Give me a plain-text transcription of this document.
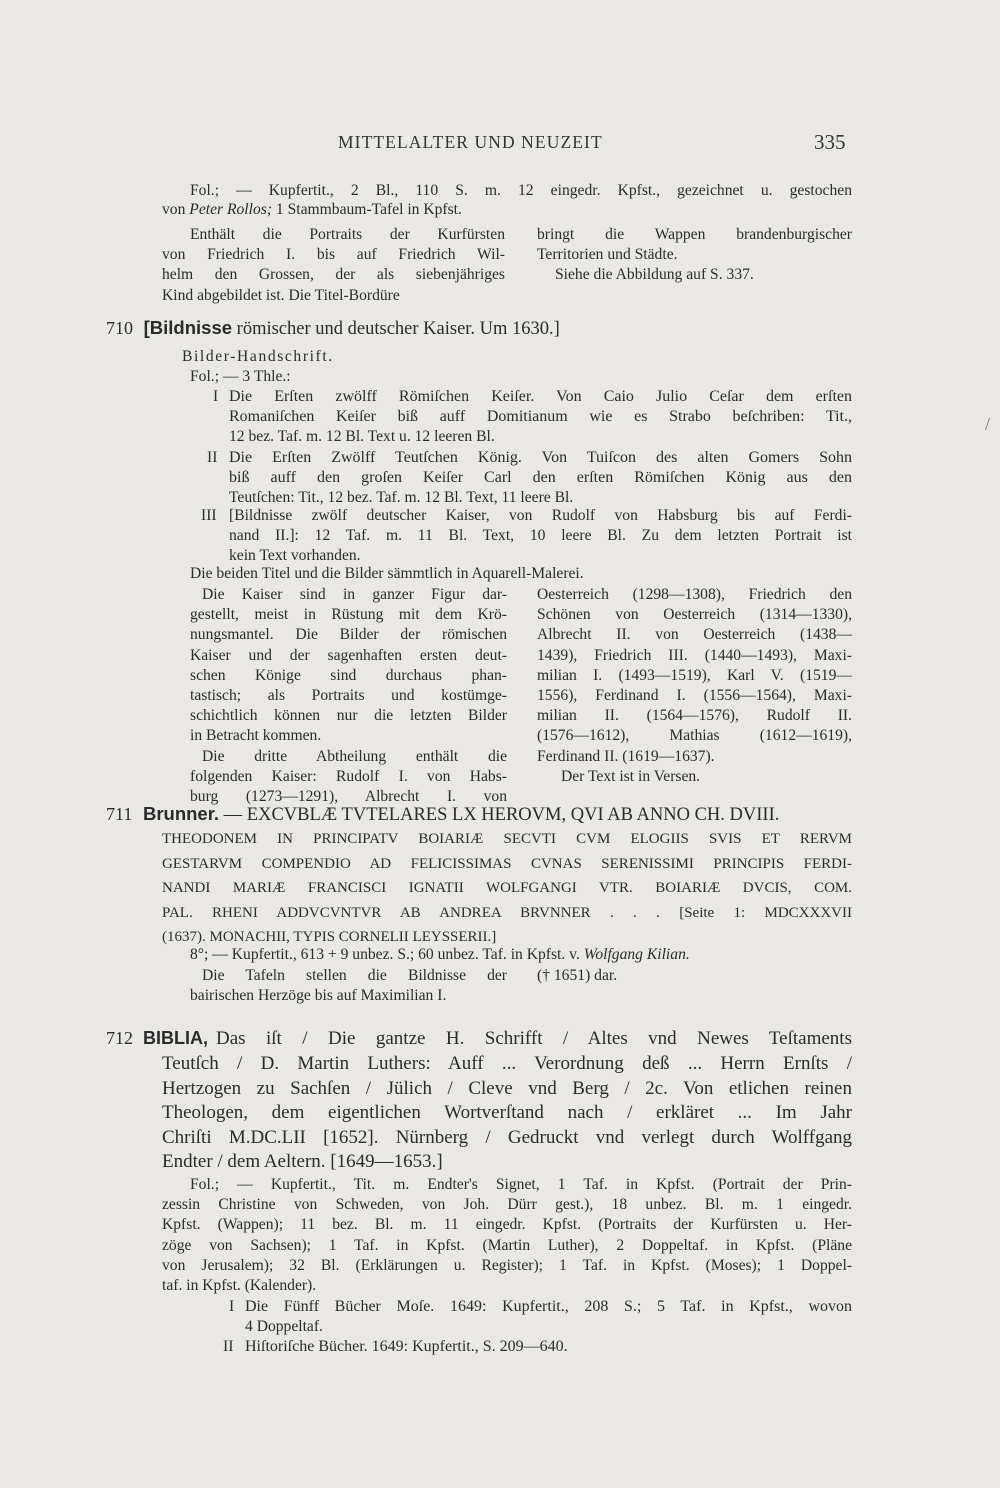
MITTELALTER UND NEUZEIT	335
Fol.; — Kupfertit., 2 Bl., 110 S. m. 12 eingedr. Kpfst., gezeichnet u. gestochen
von Peter Rollos; 1 Stammbaum-Tafel in Kpfst.
Enthält die Portraits der Kurfürsten
von Friedrich I. bis auf Friedrich Wil-
helm den Grossen, der als siebenjähriges
Kind abgebildet ist. Die Titel-Bordüre
bringt die Wappen brandenburgischer
Territorien und Städte.
Siehe die Abbildung auf S. 337.
710 [Bildnisse römischer und deutscher Kaiser. Um 1630.]
Bilder-Handschrift.
Fol.; — 3 Thle.:
I Die Erſten zwölff Römiſchen Keiſer. Von Caio Julio Ceſar dem erſten
Romaniſchen Keiſer biß auff Domitianum wie es Strabo beſchriben: Tit.,
12 bez. Taf. m. 12 Bl. Text u. 12 leeren Bl.
II Die Erſten Zwölff Teutſchen König. Von Tuiſcon des alten Gomers Sohn
biß auff den groſen Keiſer Carl den erſten Römiſchen König aus den
Teutſchen: Tit., 12 bez. Taf. m. 12 Bl. Text, 11 leere Bl.
III [Bildnisse zwölf deutscher Kaiser, von Rudolf von Habsburg bis auf Ferdi-
nand II.]: 12 Taf. m. 11 Bl. Text, 10 leere Bl. Zu dem letzten Portrait ist
kein Text vorhanden.
Die beiden Titel und die Bilder sämmtlich in Aquarell-Malerei.
Die Kaiser sind in ganzer Figur dar-
gestellt, meist in Rüstung mit dem Krö-
nungsmantel. Die Bilder der römischen
Kaiser und der sagenhaften ersten deut-
schen Könige sind durchaus phan-
tastisch; als Portraits und kostümge-
schichtlich können nur die letzten Bilder
in Betracht kommen.
Die dritte Abtheilung enthält die
folgenden Kaiser: Rudolf I. von Habs-
burg (1273—1291), Albrecht I. von
Oesterreich (1298—1308), Friedrich den
Schönen von Oesterreich (1314—1330),
Albrecht II. von Oesterreich (1438—
1439), Friedrich III. (1440—1493), Maxi-
milian I. (1493—1519), Karl V. (1519—
1556), Ferdinand I. (1556—1564), Maxi-
milian II. (1564—1576), Rudolf II.
(1576—1612), Mathias (1612—1619),
Ferdinand II. (1619—1637).
Der Text ist in Versen.
711 Brunner. — EXCVBLÆ TVTELARES LX HEROVM, QVI AB ANNO CH. DVIII.
THEODONEM IN PRINCIPATV BOIARIÆ SECVTI CVM ELOGIIS SVIS ET RERVM
GESTARVM COMPENDIO AD FELICISSIMAS CVNAS SERENISSIMI PRINCIPIS FERDI-
NANDI MARIÆ FRANCISCI IGNATII WOLFGANGI VTR. BOIARIÆ DVCIS, COM.
PAL. RHENI ADDVCVNTVR AB ANDREA BRVNNER . . . [Seite 1: MDCXXXVII
(1637). MONACHII, TYPIS CORNELII LEYSSERII.]
8°; — Kupfertit., 613 + 9 unbez. S.; 60 unbez. Taf. in Kpfst. v. Wolfgang Kilian.
Die Tafeln stellen die Bildnisse der
bairischen Herzöge bis auf Maximilian I.
(† 1651) dar.
712 BIBLIA, Das iſt / Die gantze H. Schrifft / Altes vnd Newes Teſtaments
Teutſch / D. Martin Luthers: Auff ... Verordnung deß ... Herrn Ernſts /
Hertzogen zu Sachſen / Jülich / Cleve vnd Berg / 2c. Von etlichen reinen
Theologen, dem eigentlichen Wortverſtand nach / erkläret ... Im Jahr
Chriſti M.DC.LII [1652]. Nürnberg / Gedruckt vnd verlegt durch Wolffgang
Endter / dem Aeltern. [1649—1653.]
Fol.; — Kupfertit., Tit. m. Endter's Signet, 1 Taf. in Kpfst. (Portrait der Prin-
zessin Christine von Schweden, von Joh. Dürr gest.), 18 unbez. Bl. m. 1 eingedr.
Kpfst. (Wappen); 11 bez. Bl. m. 11 eingedr. Kpfst. (Portraits der Kurfürsten u. Her-
zöge von Sachsen); 1 Taf. in Kpfst. (Martin Luther), 2 Doppeltaf. in Kpfst. (Pläne
von Jerusalem); 32 Bl. (Erklärungen u. Register); 1 Taf. in Kpfst. (Moses); 1 Doppel-
taf. in Kpfst. (Kalender).
I Die Fünff Bücher Moſe. 1649: Kupfertit., 208 S.; 5 Taf. in Kpfst., wovon
4 Doppeltaf.
II Hiſtoriſche Bücher. 1649: Kupfertit., S. 209—640.
/
